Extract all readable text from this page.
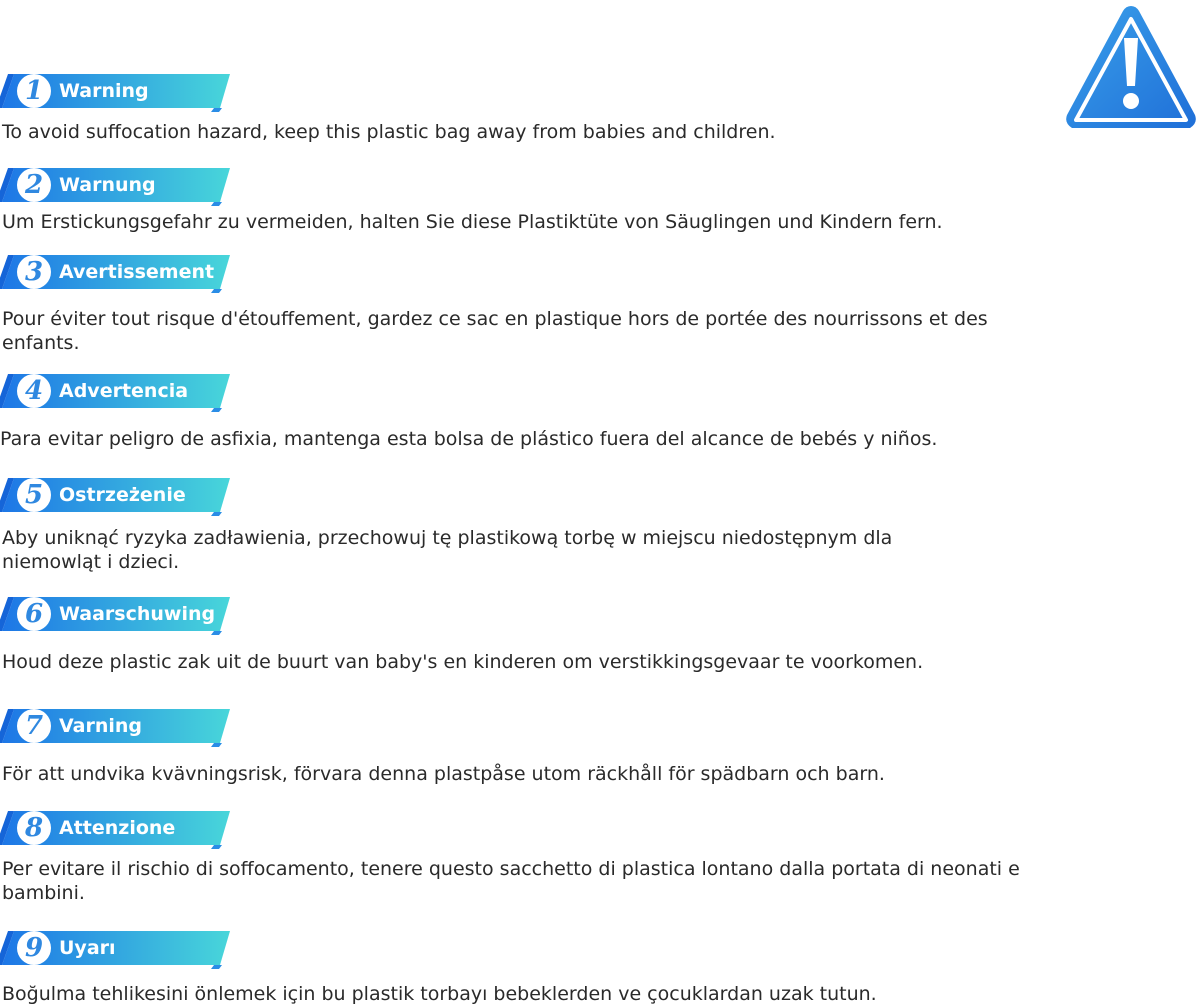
1 Warning
To avoid suffocation hazard, keep this plastic bag away from babies and children.
2 Warnung
Um Erstickungsgefahr zu vermeiden, halten Sie diese Plastiktüte von Säuglingen und Kindern fern.
3 Avertissement
Pour éviter tout risque d'étouffement, gardez ce sac en plastique hors de portée des nourrissons et des enfants.
4 Advertencia
Para evitar peligro de asfixia, mantenga esta bolsa de plástico fuera del alcance de bebés y niños.
5 Ostrzeżenie
Aby uniknąć ryzyka zadławienia, przechowuj tę plastikową torbę w miejscu niedostępnym dla niemowląt i dzieci.
6 Waarschuwing
Houd deze plastic zak uit de buurt van baby's en kinderen om verstikkingsgevaar te voorkomen.
7 Varning
För att undvika kvävningsrisk, förvara denna plastpåse utom räckhåll för spädbarn och barn.
8 Attenzione
Per evitare il rischio di soffocamento, tenere questo sacchetto di plastica lontano dalla portata di neonati e bambini.
9 Uyarı
Boğulma tehlikesini önlemek için bu plastik torbayı bebeklerden ve çocuklardan uzak tutun.
